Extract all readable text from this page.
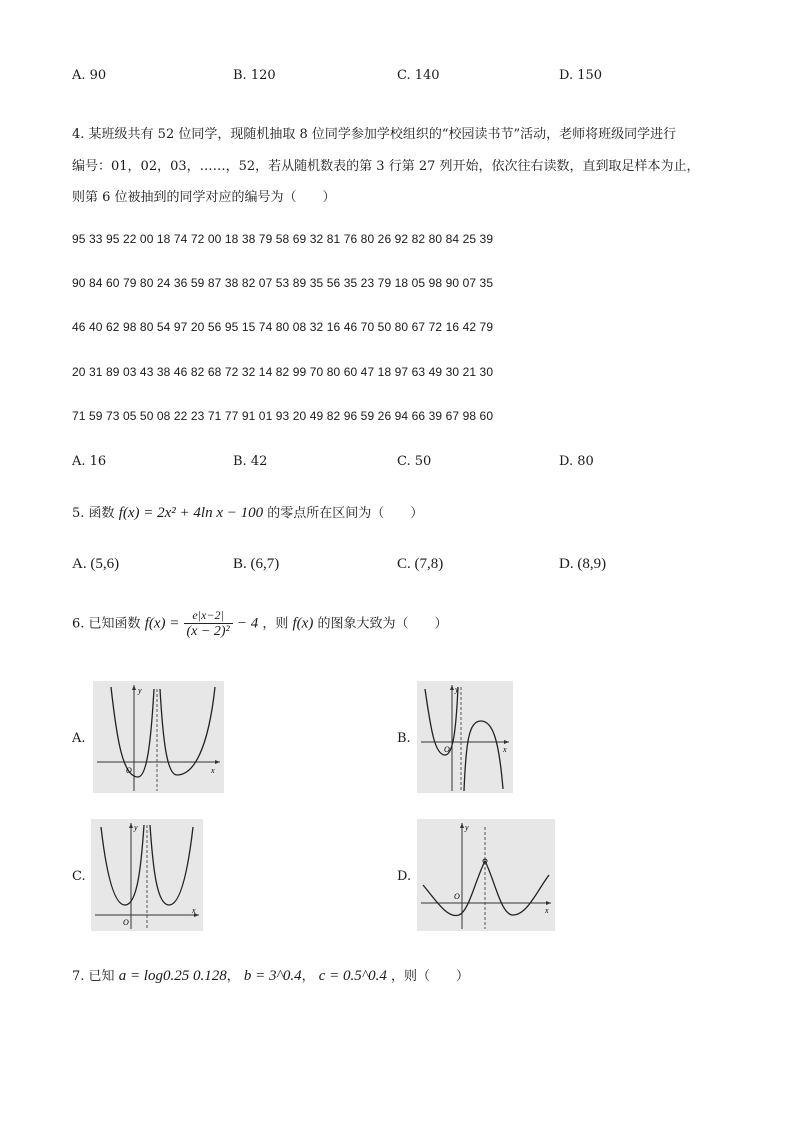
A. 90	B. 120	C. 140	D. 150
4. 某班级共有 52 位同学，现随机抽取 8 位同学参加学校组织的“校园读书节”活动，老师将班级同学进行
编号：01，02，03，……，52，若从随机数表的第 3 行第 27 列开始，依次往右读数，直到取足样本为止，
则第 6 位被抽到的同学对应的编号为（　　）
95 33 95 22 00 18 74 72 00 18 38 79 58 69 32 81 76 80 26 92 82 80 84 25 39
90 84 60 79 80 24 36 59 87 38 82 07 53 89 35 56 35 23 79 18 05 98 90 07 35
46 40 62 98 80 54 97 20 56 95 15 74 80 08 32 16 46 70 50 80 67 72 16 42 79
20 31 89 03 43 38 46 82 68 72 32 14 82 99 70 80 60 47 18 97 63 49 30 21 30
71 59 73 05 50 08 22 23 71 77 91 01 93 20 49 82 96 59 26 94 66 39 67 98 60
A. 16	B. 42	C. 50	D. 80
5. 函数 f(x) = 2x² + 4ln x − 100 的零点所在区间为（　　）
A. (5,6)	B. (6,7)	C. (7,8)	D. (8,9)
6. 已知函数 $f(x) = \frac{e|x-2|}{\text{(x − 2)²}} - 4$ ，则 f(x) 的图象大致为（　　）
A.
y
x
O
B.
y
x
O
C.
y
x
O
D.
y
x
O
7. 已知 a = log0.25 0.128， b = 3^0.4， c = 0.5^0.4 ，则（　　）
